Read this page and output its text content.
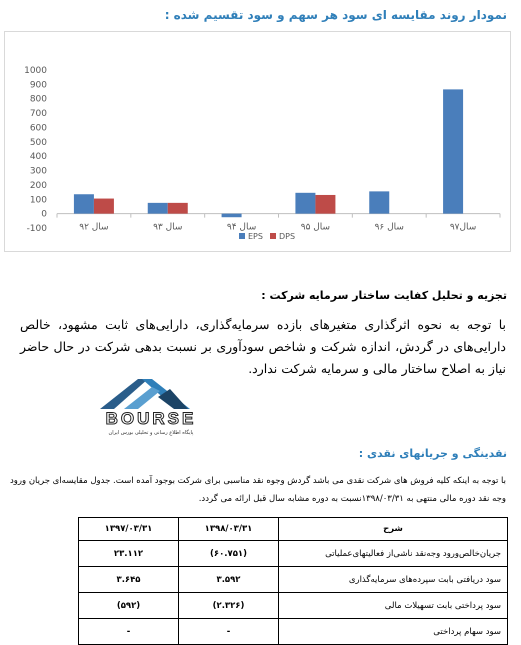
نمودار روند مقایسه ای سود هر سهم و سود تقسیم شده :
-100
0
100
200
300
400
500
600
700
800
900
1000
سال ۹۲	سال ۹۳	سال ۹۴	سال ۹۵	سال ۹۶	سال۹۷
EPS DPS
تجزیه و تحلیل کفایت ساختار سرمایه شرکت :
با توجه به نحوه اثرگذاری متغیرهای بازده سرمایه‌گذاری، دارایی‌های ثابت مشهود، خالص دارایی‌های در گردش، اندازه شرکت و شاخص سودآوری بر نسبت بدهی شرکت در حال حاضر نیاز به اصلاح ساختار مالی و سرمایه شرکت ندارد.
BOURSE
پایگاه اطلاع رسانی و تحلیلی بورس ایران
نقدینگی و جریانهای نقدی :
با توجه به اینکه کلیه فروش های شرکت نقدی می باشد گردش وجوه نقد مناسبی برای شرکت بوجود آمده است. جدول مقایسه‌ای جریان ورود وجه نقد دوره مالی منتهی به ۱۳۹۸/۰۳/۳۱نسبت به دوره مشابه سال قبل ارائه می گردد.
شرح	۱۳۹۸/۰۳/۳۱	۱۳۹۷/۰۳/۳۱
جریان‌خالص‌ورود وجه‌نقد ناشی‌از فعالیتهای‌عملیاتی	(۶۰.۷۵۱)	۲۳.۱۱۲
سود دریافتی بابت سپرده‌های سرمایه‌گذاری	۳.۵۹۲	۳.۶۴۵
سود پرداختی بابت تسهیلات مالی	(۲.۳۲۶)	(۵۹۲)
سود سهام پرداختی	-	-
